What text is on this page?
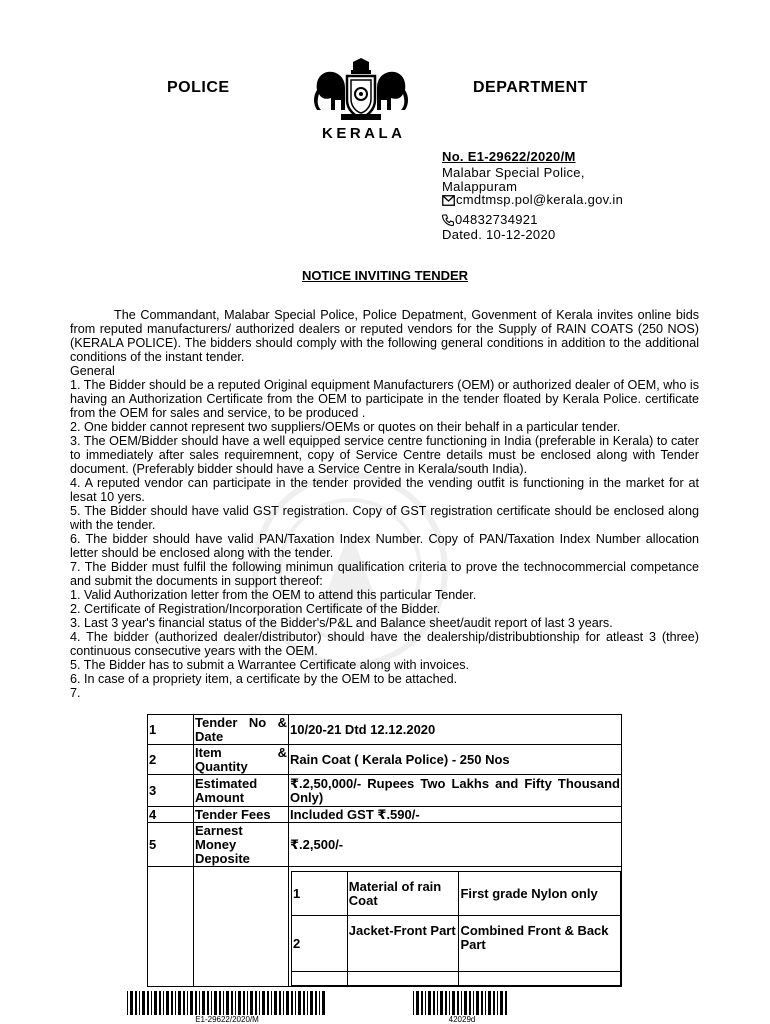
POLICE	DEPARTMENT
KERALA
No. E1-29622/2020/M
Malabar Special Police,
Malappuram
cmdtmsp.pol@kerala.gov.in
04832734921
Dated. 10-12-2020
NOTICE INVITING TENDER

The Commandant, Malabar Special Police, Police Depatment, Govenment of Kerala invites online bids from reputed manufacturers/ authorized dealers or reputed vendors for the Supply of RAIN COATS (250 NOS) (KERALA POLICE). The bidders should comply with the following general conditions in addition to the additional conditions of the instant tender.

General

1. The Bidder should be a reputed Original equipment Manufacturers (OEM) or authorized dealer of OEM, who is having an Authorization Certificate from the OEM to participate in the tender floated by Kerala Police. certificate from the OEM for sales and service, to be produced .

2. One bidder cannot represent two suppliers/OEMs or quotes on their behalf in a particular tender.

3. The OEM/Bidder should have a well equipped service centre functioning in India (preferable in Kerala) to cater to immediately after sales requiremnent, copy of Service Centre details must be enclosed along with Tender document. (Preferably bidder should have a Service Centre in Kerala/south India).

4. A reputed vendor can participate in the tender provided the vending outfit is functioning in the market for at lesat 10 yers.

5. The Bidder should have valid GST registration. Copy of GST registration certificate should be enclosed along with the tender.

6. The bidder should have valid PAN/Taxation Index Number. Copy of PAN/Taxation Index Number allocation letter should be enclosed along with the tender.

7. The Bidder must fulfil the following minimun qualification criteria to prove the technocommercial competance and submit the documents in support thereof:

1. Valid Authorization letter from the OEM to attend this particular Tender.

2. Certificate of Registration/Incorporation Certificate of the Bidder.

3. Last 3 year's financial status of the Bidder's/P&L and Balance sheet/audit report of last 3 years.

4. The bidder (authorized dealer/distributor) should have the dealership/distribubtionship for atleast 3 (three) continuous consecutive years with the OEM.

5. The Bidder has to submit a Warrantee Certificate along with invoices.

6. In case of a propriety item, a certificate by the OEM to be attached.

7.

1	Tender No & Date	10/20-21 Dtd 12.12.2020
2	Item & Quantity	Rain Coat ( Kerala Police) - 250 Nos
3	Estimated Amount	₹.2,50,000/- Rupees Two Lakhs and Fifty Thousand Only)
4	Tender Fees	Included GST ₹.590/-
5	Earnest Money Deposite	₹.2,500/-

1	Material of rain Coat	First grade Nylon only
2	Jacket-Front Part	Combined Front & Back Part

E1-29622/2020/M	42029d
